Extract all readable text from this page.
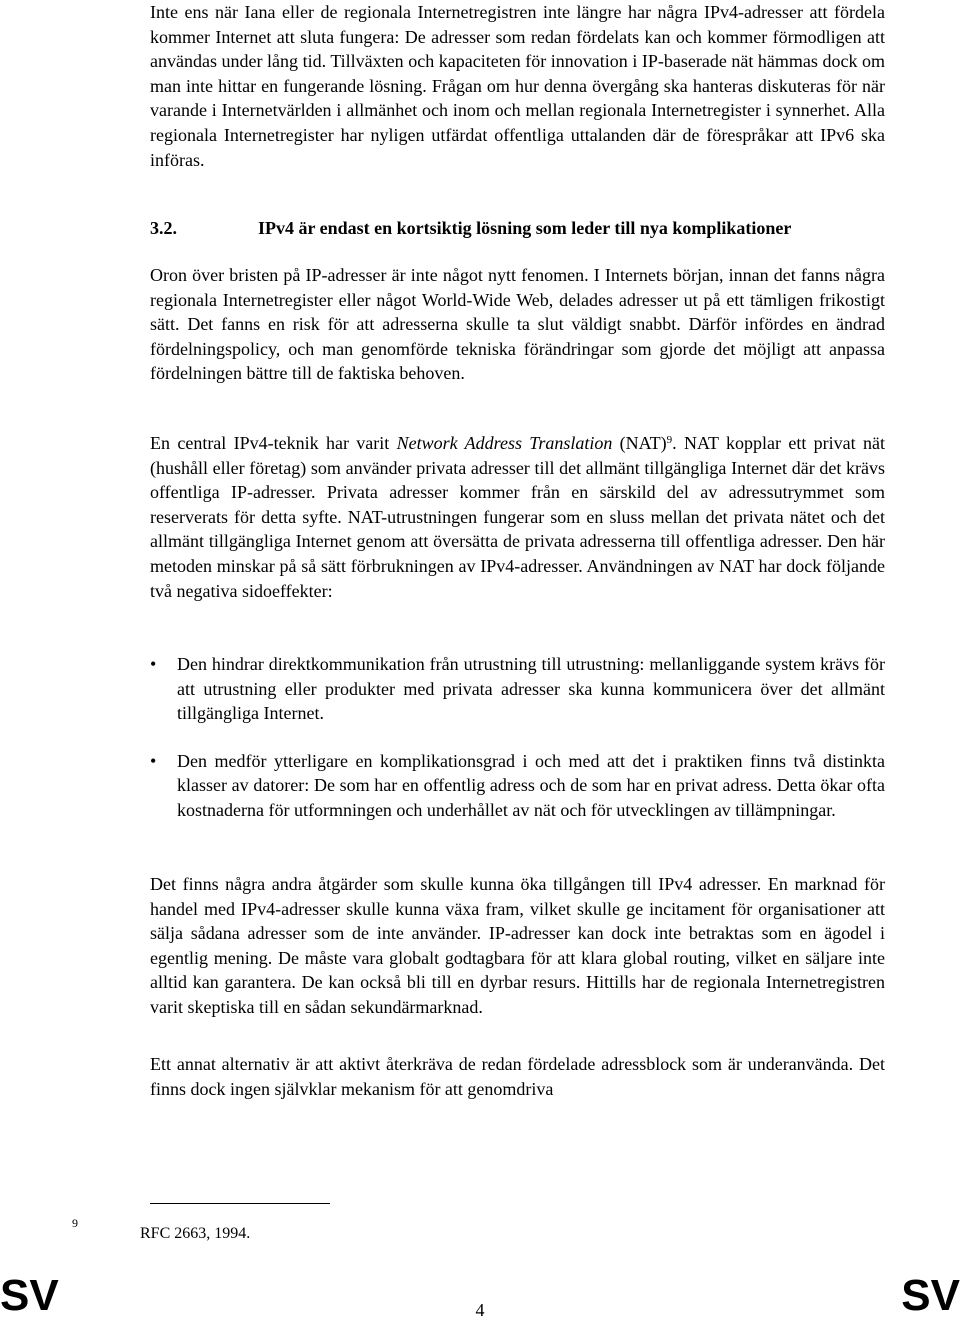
Inte ens när Iana eller de regionala Internetregistren inte längre har några IPv4-adresser att fördela kommer Internet att sluta fungera: De adresser som redan fördelats kan och kommer förmodligen att användas under lång tid. Tillväxten och kapaciteten för innovation i IP-baserade nät hämmas dock om man inte hittar en fungerande lösning. Frågan om hur denna övergång ska hanteras diskuteras för när varande i Internetvärlden i allmänhet och inom och mellan regionala Internetregister i synnerhet. Alla regionala Internetregister har nyligen utfärdat offentliga uttalanden där de förespråkar att IPv6 ska införas.
3.2.	IPv4 är endast en kortsiktig lösning som leder till nya komplikationer
Oron över bristen på IP-adresser är inte något nytt fenomen. I Internets början, innan det fanns några regionala Internetregister eller något World-Wide Web, delades adresser ut på ett tämligen frikostigt sätt. Det fanns en risk för att adresserna skulle ta slut väldigt snabbt. Därför infördes en ändrad fördelningspolicy, och man genomförde tekniska förändringar som gjorde det möjligt att anpassa fördelningen bättre till de faktiska behoven.
En central IPv4-teknik har varit Network Address Translation (NAT)$^9$. NAT kopplar ett privat nät (hushåll eller företag) som använder privata adresser till det allmänt tillgängliga Internet där det krävs offentliga IP-adresser. Privata adresser kommer från en särskild del av adressutrymmet som reserverats för detta syfte. NAT-utrustningen fungerar som en sluss mellan det privata nätet och det allmänt tillgängliga Internet genom att översätta de privata adresserna till offentliga adresser. Den här metoden minskar på så sätt förbrukningen av IPv4-adresser. Användningen av NAT har dock följande två negativa sidoeffekter:
• Den hindrar direktkommunikation från utrustning till utrustning: mellanliggande system krävs för att utrustning eller produkter med privata adresser ska kunna kommunicera över det allmänt tillgängliga Internet.
• Den medför ytterligare en komplikationsgrad i och med att det i praktiken finns två distinkta klasser av datorer: De som har en offentlig adress och de som har en privat adress. Detta ökar ofta kostnaderna för utformningen och underhållet av nät och för utvecklingen av tillämpningar.
Det finns några andra åtgärder som skulle kunna öka tillgången till IPv4 adresser. En marknad för handel med IPv4-adresser skulle kunna växa fram, vilket skulle ge incitament för organisationer att sälja sådana adresser som de inte använder. IP-adresser kan dock inte betraktas som en ägodel i egentlig mening. De måste vara globalt godtagbara för att klara global routing, vilket en säljare inte alltid kan garantera. De kan också bli till en dyrbar resurs. Hittills har de regionala Internetregistren varit skeptiska till en sådan sekundärmarknad.
Ett annat alternativ är att aktivt återkräva de redan fördelade adressblock som är underanvända. Det finns dock ingen självklar mekanism för att genomdriva
9
RFC 2663, 1994.
SV	4	SV
